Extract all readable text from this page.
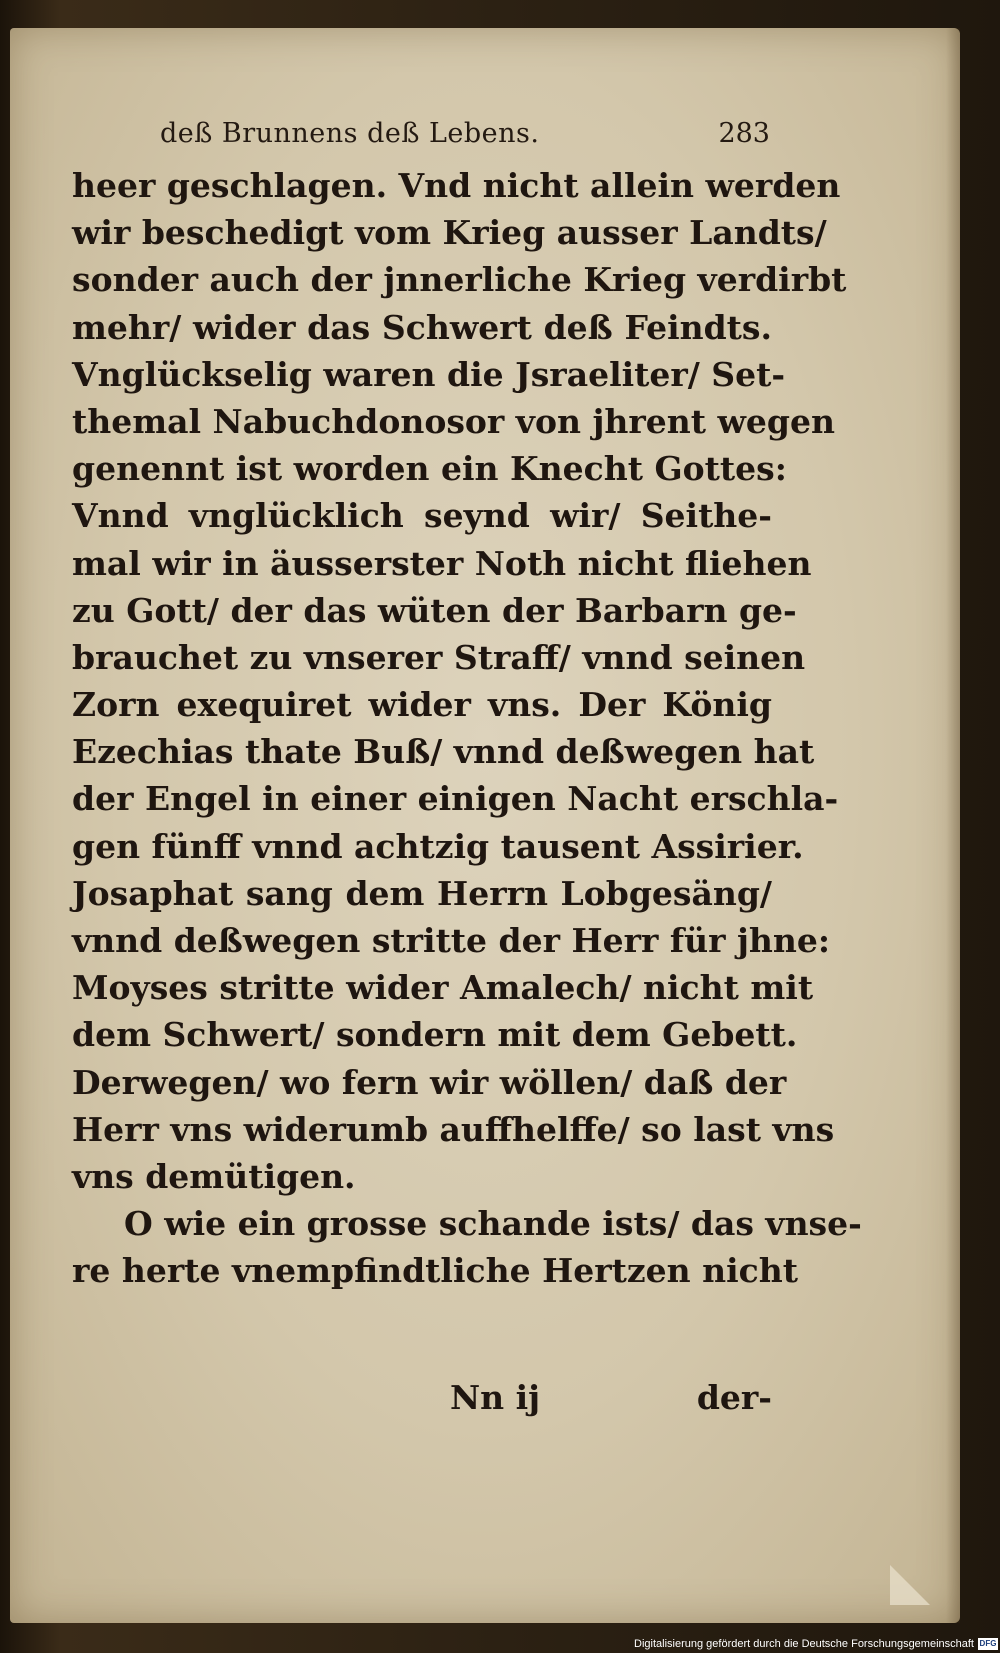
deß Brunnens deß Lebens.	283
heer geschlagen. Vnd nicht allein werden
wir beschedigt vom Krieg ausser Landts/
sonder auch der jnnerliche Krieg verdirbt
mehr/ wider das Schwert deß Feindts.
Vnglückselig waren die Jsraeliter/ Set-
themal Nabuchdonosor von jhrent wegen
genennt ist worden ein Knecht Gottes:
Vnnd vnglücklich seynd wir/ Seithe-
mal wir in äusserster Noth nicht fliehen
zu Gott/ der das wüten der Barbarn ge-
brauchet zu vnserer Straff/ vnnd seinen
Zorn exequiret wider vns. Der König
Ezechias thate Buß/ vnnd deßwegen hat
der Engel in einer einigen Nacht erschla-
gen fünff vnnd achtzig tausent Assirier.
Josaphat sang dem Herrn Lobgesäng/
vnnd deßwegen stritte der Herr für jhne:
Moyses stritte wider Amalech/ nicht mit
dem Schwert/ sondern mit dem Gebett.
Derwegen/ wo fern wir wöllen/ daß der
Herr vns widerumb auffhelffe/ so last vns
vns demütigen.
O wie ein grosse schande ists/ das vnse-
re herte vnempfindtliche Hertzen nicht
Nn ij	der-
Digitalisierung gefördert durch die Deutsche Forschungsgemeinschaft DFG
